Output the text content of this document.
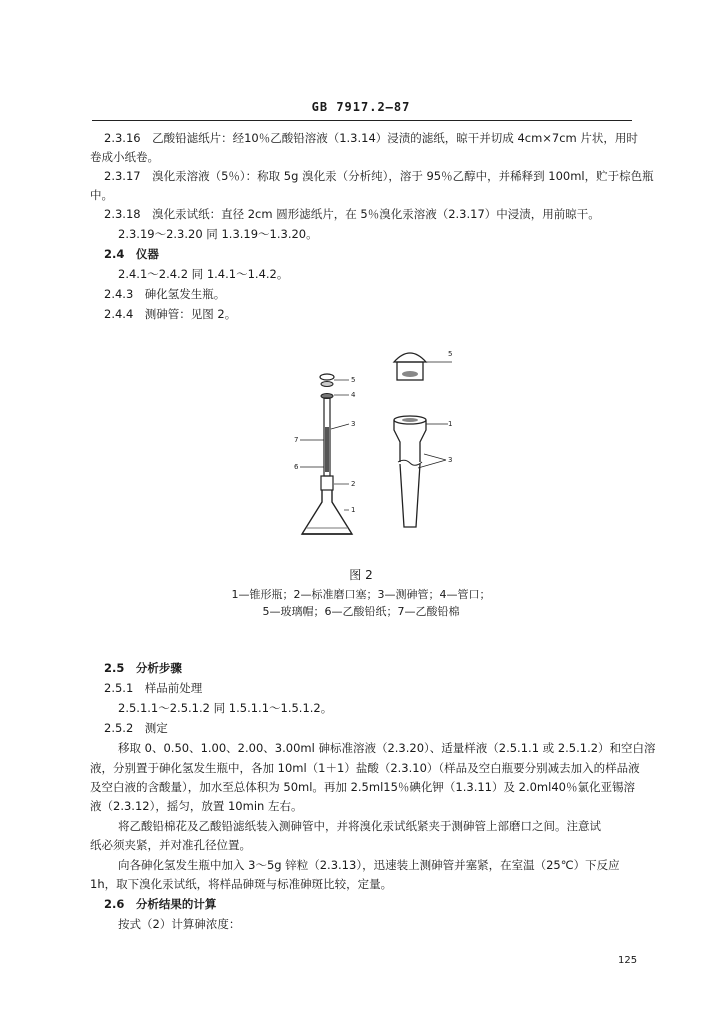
GB 7917.2—87
2.3.16　乙酸铅滤纸片：经10％乙酸铅溶液（1.3.14）浸渍的滤纸，晾干并切成 4cm×7cm 片状，用时
卷成小纸卷。
2.3.17　溴化汞溶液（5％）：称取 5g 溴化汞（分析纯），溶于 95％乙醇中，并稀释到 100ml，贮于棕色瓶
中。
2.3.18　溴化汞试纸：直径 2cm 圆形滤纸片，在 5％溴化汞溶液（2.3.17）中浸渍，用前晾干。
2.3.19～2.3.20 同 1.3.19～1.3.20。
2.4　仪器
2.4.1～2.4.2 同 1.4.1～1.4.2。
2.4.3　砷化氢发生瓶。
2.4.4　测砷管：见图 2。
5
4
3
7
6
2
1
5
1
3
图 2
1—锥形瓶；2—标准磨口塞；3—测砷管；4—管口；
5—玻璃帽；6—乙酸铅纸；7—乙酸铅棉
2.5　分析步骤
2.5.1　样品前处理
2.5.1.1～2.5.1.2 同 1.5.1.1～1.5.1.2。
2.5.2　测定
移取 0、0.50、1.00、2.00、3.00ml 砷标准溶液（2.3.20）、适量样液（2.5.1.1 或 2.5.1.2）和空白溶
液，分别置于砷化氢发生瓶中，各加 10ml（1＋1）盐酸（2.3.10）（样品及空白瓶要分别减去加入的样品液
及空白液的含酸量），加水至总体积为 50ml。再加 2.5ml15％碘化钾（1.3.11）及 2.0ml40％氯化亚锡溶
液（2.3.12），摇匀，放置 10min 左右。
将乙酸铅棉花及乙酸铅滤纸装入测砷管中，并将溴化汞试纸紧夹于测砷管上部磨口之间。注意试
纸必须夹紧，并对准孔径位置。
向各砷化氢发生瓶中加入 3～5g 锌粒（2.3.13），迅速装上测砷管并塞紧，在室温（25℃）下反应
1h，取下溴化汞试纸，将样品砷斑与标准砷斑比较，定量。
2.6　分析结果的计算
按式（2）计算砷浓度：
125
